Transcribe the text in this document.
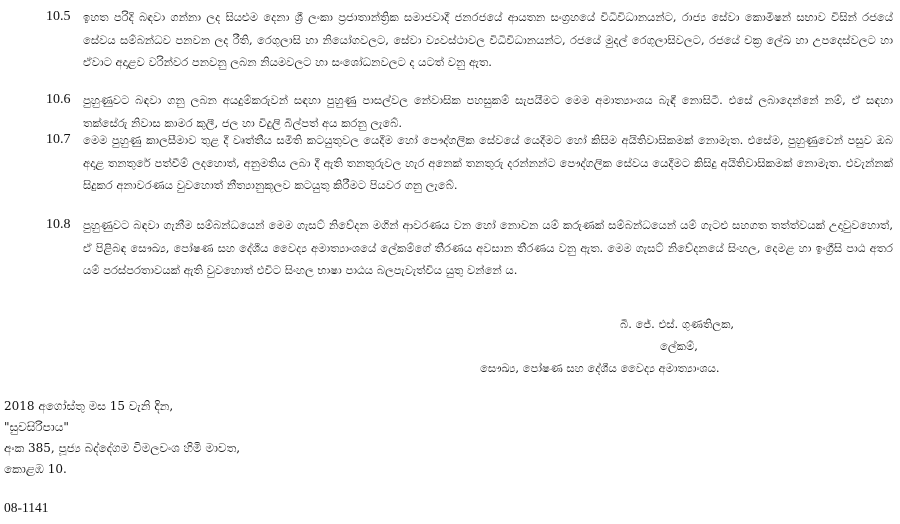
10.5	ඉහත පරිදි බඳවා ගන්නා ලද සියළුම දෙනා ශ්‍රී ලංකා ප්‍රජාතාන්ත්‍රික සමාජවාදී ජනරජයේ ආයතන සංග්‍රහයේ විධිවිධානයන්ට, රාජ්‍ය සේවා කොමිෂන් සභාව විසින් රජයේ සේවය සම්බන්ධව පනවන ලද රීති, රෙගුලාසි හා නියෝගවලට, සේවා ව්‍යවස්ථාවල විධිවිධානයන්ට, රජයේ මුදල් රෙගුලාසිවලට, රජයේ චක්‍ර ලේඛ හා උපදෙස්වලට හා ඒවාට අදාළව වරින්වර පනවනු ලබන නියමවලට හා සංශෝධනවලට ද යටත් වනු ඇත.
10.6	පුහුණුවට බඳවා ගනු ලබන අයදුම්කරුවන් සඳහා පුහුණු පාසල්වල නේවාසික පහසුකම් සැපයීමට මෙම අමාත්‍යාංශය බැඳී නොසිටී. එසේ ලබාදෙන්නේ නම්, ඒ සඳහා තක්සේරු නිවාස කාමර කුලී, ජල හා විදුලි බිල්පත් අය කරනු ලැබේ.
10.7	මෙම පුහුණු කාලසීමාව තුළ දී වෘත්තීය සමිති කටයුතුවල යෙදීම හෝ පෞද්ගලික සේවයේ යෙදීමට හෝ කිසිම අයිතිවාසිකමක් නොමැත. එසේම, පුහුණුවෙන් පසුව ඔබ අදාළ තනතුරේ පත්වීම් ලදහොත්, අනුමතිය ලබා දී ඇති තනතුරුවල හැර අනෙක් තනතුරු දරන්නන්ට පෞද්ගලික සේවය යෙදීමට කිසිදු අයිතිවාසිකමක් නොමැත. එවැන්නක් සිදුකර අනාවරණය වුවහොත් නීත්‍යානුකූලව කටයුතු කිරීමට පියවර ගනු ලැබේ.
10.8	පුහුණුවට බඳවා ගැනීම සම්බන්ධයෙන් මෙම ගැසට් නිවේදන මගින් ආවරණය වන හෝ නොවන යම් කරුණක් සම්බන්ධයෙන් යම් ගැටළු සහගත තත්ත්වයක් උදාවුවහොත්, ඒ පිළිබඳ සෞඛ්‍ය, පෝෂණ සහ දේශීය වෛද්‍ය අමාත්‍යාංශයේ ලේකම්ගේ තීරණය අවසාන තීරණය වනු ඇත. මෙම ගැසට් නිවේදනයේ සිංහල, දෙමළ හා ඉංග්‍රීසි පාඨ අතර යම් පරස්පරතාවයක් ඇති වුවහොත් එවිට සිංහල භාෂා පාඨය බලපැවැත්විය යුතු වන්නේ ය.
බී. ජේ. එස්. ගුණතිලක,
ලේකම්,
සෞඛ්‍ය, පෝෂණ සහ දේශීය වෛද්‍ය අමාත්‍යාංශය.
2018 අගෝස්තු මස 15 වැනි දින,
"සුවසිරිපාය"
අංක 385, පූජ්‍ය බද්දේගම විමලවංශ හිමි මාවත,
කොළඹ 10.
08-1141
